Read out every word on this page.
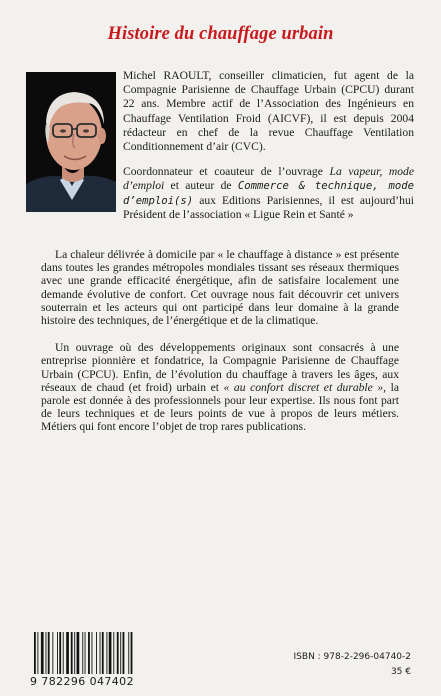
Histoire du chauffage urbain

Michel RAOULT, conseiller climaticien, fut agent de la Compagnie Parisienne de Chauffage Urbain (CPCU) durant 22 ans. Membre actif de l’Association des Ingénieurs en Chauffage Ventilation Froid (AICVF), il est depuis 2004 rédacteur en chef de la revue Chauffage Ventilation Conditionnement d’air (CVC).

Coordonnateur et coauteur de l’ouvrage La vapeur, mode d’emploi et auteur de Commerce & technique, mode d’emploi(s) aux Editions Parisiennes, il est aujourd’hui Président de l’association « Ligue Rein et Santé »

La chaleur délivrée à domicile par « le chauffage à distance » est présente dans toutes les grandes métropoles mondiales tissant ses réseaux thermiques avec une grande efficacité énergétique, afin de satisfaire localement une demande évolutive de confort. Cet ouvrage nous fait découvrir cet univers souterrain et les acteurs qui ont participé dans leur domaine à la grande histoire des techniques, de l’énergétique et de la climatique.

Un ouvrage où des développements originaux sont consacrés à une entreprise pionnière et fondatrice, la Compagnie Parisienne de Chauffage Urbain (CPCU). Enfin, de l’évolution du chauffage à travers les âges, aux réseaux de chaud (et froid) urbain et « au confort discret et durable », la parole est donnée à des professionnels pour leur expertise. Ils nous font part de leurs techniques et de leurs points de vue à propos de leurs métiers. Métiers qui font encore l’objet de trop rares publications.

9 782296 047402
ISBN : 978-2-296-04740-2
35 €
